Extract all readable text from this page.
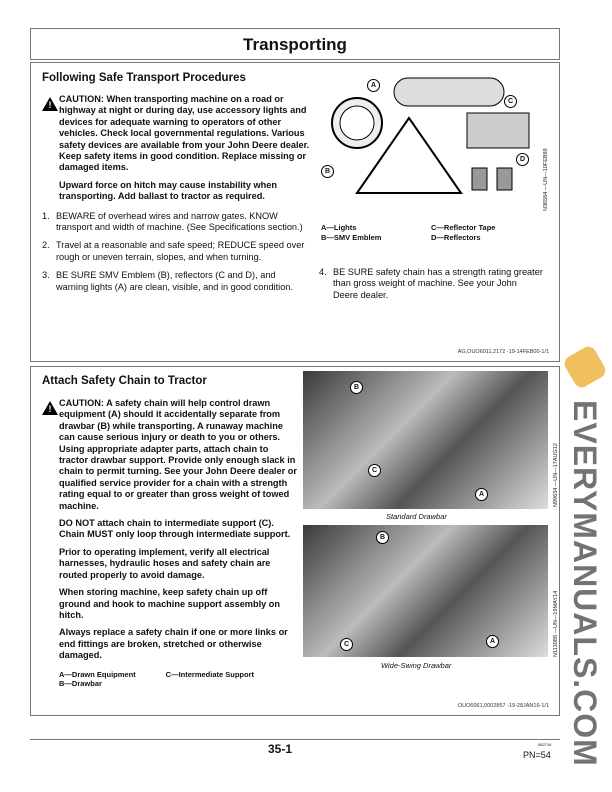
Transporting
Following Safe Transport Procedures
!

CAUTION: When transporting machine on a road or highway at night or during day, use accessory lights and devices for adequate warning to operators of other vehicles. Check local governmental regulations. Various safety devices are available from your John Deere dealer. Keep safety items in good condition. Replace missing or damaged items.

Upward force on hitch may cause instability when transporting. Add ballast to tractor as required.

1. BEWARE of overhead wires and narrow gates. KNOW transport and width of machine. (See Specifications section.)
2. Travel at a reasonable and safe speed; REDUCE speed over rough or uneven terrain, slopes, and when turning.
3. BE SURE SMV Emblem (B), reflectors (C and D), and warning lights (A) are clean, visible, and in good condition.
A
B
C
D	N36584 —UN—10FEB89
A—Lights
B—SMV Emblem
C—Reflector Tape
D—Reflectors
4. BE SURE safety chain has a strength rating greater than gross weight of machine. See your John Deere dealer.
AG,OUO6011,2172 -19-14FEB00-1/1
Attach Safety Chain to Tractor
!

CAUTION: A safety chain will help control drawn equipment (A) should it accidentally separate from drawbar (B) while transporting. A runaway machine can cause serious injury or death to you or others. Using appropriate adapter parts, attach chain to tractor drawbar support. Provide only enough slack in chain to permit turning. See your John Deere dealer or qualified service provider for a chain with a strength rating equal to or greater than gross weight of towed machine.

DO NOT attach chain to intermediate support (C). Chain MUST only loop through intermediate support.

Prior to operating implement, verify all electrical harnesses, hydraulic hoses and safety chain are routed properly to avoid damage.

When storing machine, keep safety chain up off ground and hook to machine support assembly on hitch.

Always replace a safety chain if one or more links or end fittings are broken, stretched or otherwise damaged.

A—Drawn Equipment
B—Drawbar
C—Intermediate Support
B
C
A
Standard Drawbar
N99634 —UN—17AUG12
B
C	A
Wide-Swing Drawbar
N113088 —UN—19MAY14
OUO6061,0002857 -19-28JAN16-1/1 EVERYMANUALS.COM
35-1	082716
PN=54
